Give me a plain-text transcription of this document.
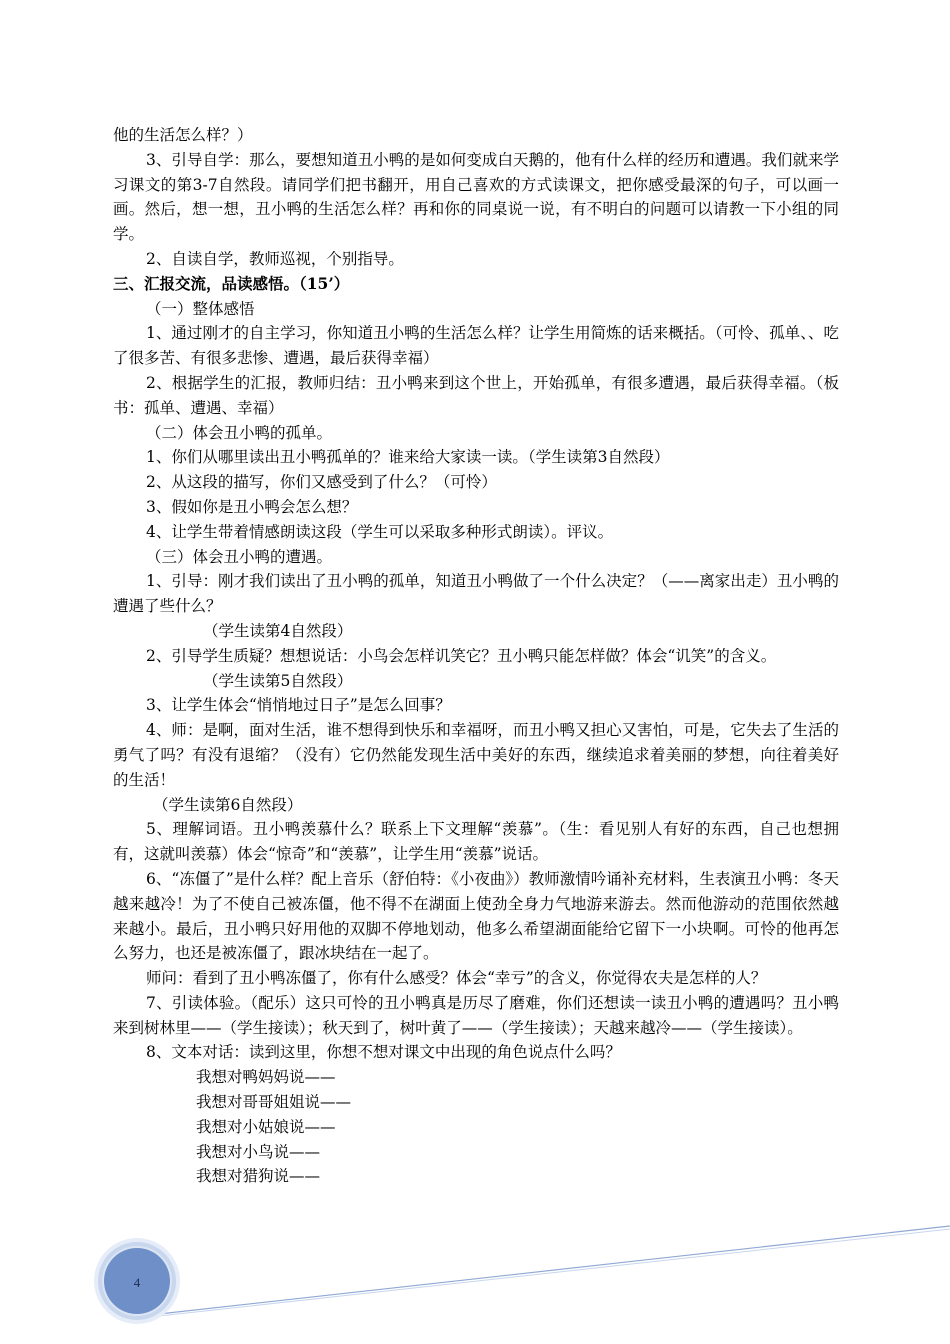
他的生活怎么样？）

3、引导自学：那么，要想知道丑小鸭的是如何变成白天鹅的，他有什么样的经历和遭遇。我们就来学习课文的第3-7自然段。请同学们把书翻开，用自己喜欢的方式读课文，把你感受最深的句子，可以画一画。然后，想一想，丑小鸭的生活怎么样？再和你的同桌说一说，有不明白的问题可以请教一下小组的同学。

2、自读自学，教师巡视，个别指导。

三、汇报交流，品读感悟。（15’）

（一）整体感悟

1、通过刚才的自主学习，你知道丑小鸭的生活怎么样？让学生用简炼的话来概括。（可怜、孤单、、吃了很多苦、有很多悲惨、遭遇，最后获得幸福）

2、根据学生的汇报，教师归结：丑小鸭来到这个世上，开始孤单，有很多遭遇，最后获得幸福。（板书：孤单、遭遇、幸福）

（二）体会丑小鸭的孤单。

1、你们从哪里读出丑小鸭孤单的？谁来给大家读一读。（学生读第3自然段）

2、从这段的描写，你们又感受到了什么？（可怜）

3、假如你是丑小鸭会怎么想？

4、让学生带着情感朗读这段（学生可以采取多种形式朗读）。评议。

（三）体会丑小鸭的遭遇。

1、引导：刚才我们读出了丑小鸭的孤单，知道丑小鸭做了一个什么决定？（——离家出走）丑小鸭的遭遇了些什么？

（学生读第4自然段）

2、引导学生质疑？想想说话：小鸟会怎样讥笑它？丑小鸭只能怎样做？体会“讥笑”的含义。

（学生读第5自然段）

3、让学生体会“悄悄地过日子”是怎么回事？

4、师：是啊，面对生活，谁不想得到快乐和幸福呀，而丑小鸭又担心又害怕，可是，它失去了生活的勇气了吗？有没有退缩？（没有）它仍然能发现生活中美好的东西，继续追求着美丽的梦想，向往着美好的生活！

（学生读第6自然段）

5、理解词语。丑小鸭羡慕什么？联系上下文理解“羡慕”。（生：看见别人有好的东西，自己也想拥有，这就叫羡慕）体会“惊奇”和“羡慕”，让学生用“羡慕”说话。

6、“冻僵了”是什么样？配上音乐（舒伯特：《小夜曲》）教师激情吟诵补充材料，生表演丑小鸭：冬天越来越冷！为了不使自己被冻僵，他不得不在湖面上使劲全身力气地游来游去。然而他游动的范围依然越来越小。最后，丑小鸭只好用他的双脚不停地划动，他多么希望湖面能给它留下一小块啊。可怜的他再怎么努力，也还是被冻僵了，跟冰块结在一起了。

师问：看到了丑小鸭冻僵了，你有什么感受？体会“幸亏”的含义，你觉得农夫是怎样的人？

7、引读体验。（配乐）这只可怜的丑小鸭真是历尽了磨难，你们还想读一读丑小鸭的遭遇吗？丑小鸭来到树林里——（学生接读）；秋天到了，树叶黄了——（学生接读）；天越来越冷——（学生接读）。

8、文本对话：读到这里，你想不想对课文中出现的角色说点什么吗？

我想对鸭妈妈说——

我想对哥哥姐姐说——

我想对小姑娘说——

我想对小鸟说——

我想对猎狗说——

4
